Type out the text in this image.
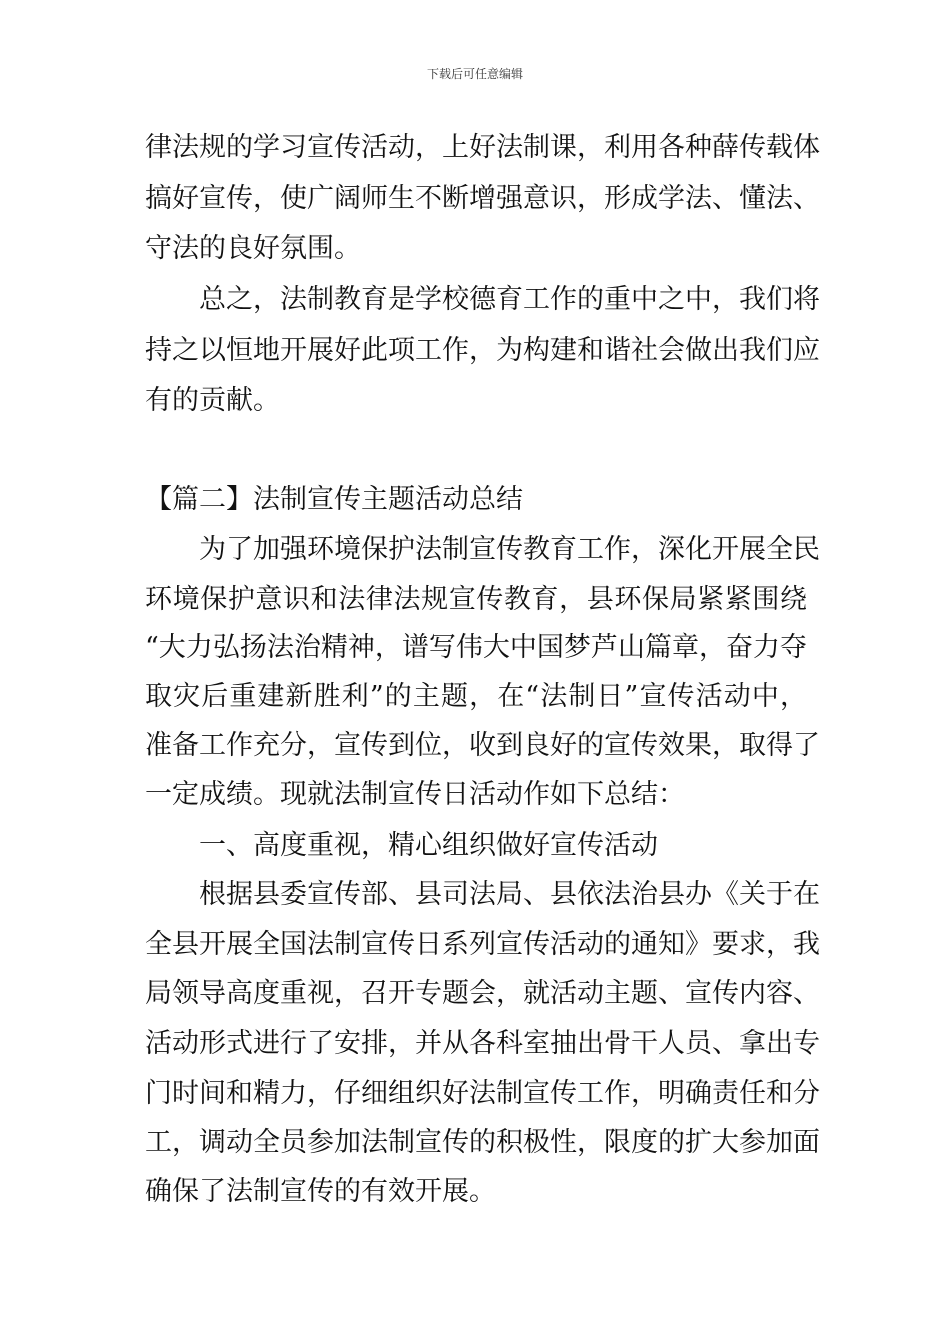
下载后可任意编辑
律法规的学习宣传活动，上好法制课，利用各种薛传载体
搞好宣传，使广阔师生不断增强意识，形成学法、懂法、
守法的良好氛围。
总之，法制教育是学校德育工作的重中之中，我们将
持之以恒地开展好此项工作，为构建和谐社会做出我们应
有的贡献。
【篇二】法制宣传主题活动总结
为了加强环境保护法制宣传教育工作，深化开展全民
环境保护意识和法律法规宣传教育，县环保局紧紧围绕
“大力弘扬法治精神，谱写伟大中国梦芦山篇章，奋力夺
取灾后重建新胜利”的主题，在“法制日”宣传活动中，
准备工作充分，宣传到位，收到良好的宣传效果，取得了
一定成绩。现就法制宣传日活动作如下总结：
一、高度重视，精心组织做好宣传活动
根据县委宣传部、县司法局、县依法治县办《关于在
全县开展全国法制宣传日系列宣传活动的通知》要求，我
局领导高度重视，召开专题会，就活动主题、宣传内容、
活动形式进行了安排，并从各科室抽出骨干人员、拿出专
门时间和精力，仔细组织好法制宣传工作，明确责任和分
工，调动全员参加法制宣传的积极性，限度的扩大参加面
确保了法制宣传的有效开展。
